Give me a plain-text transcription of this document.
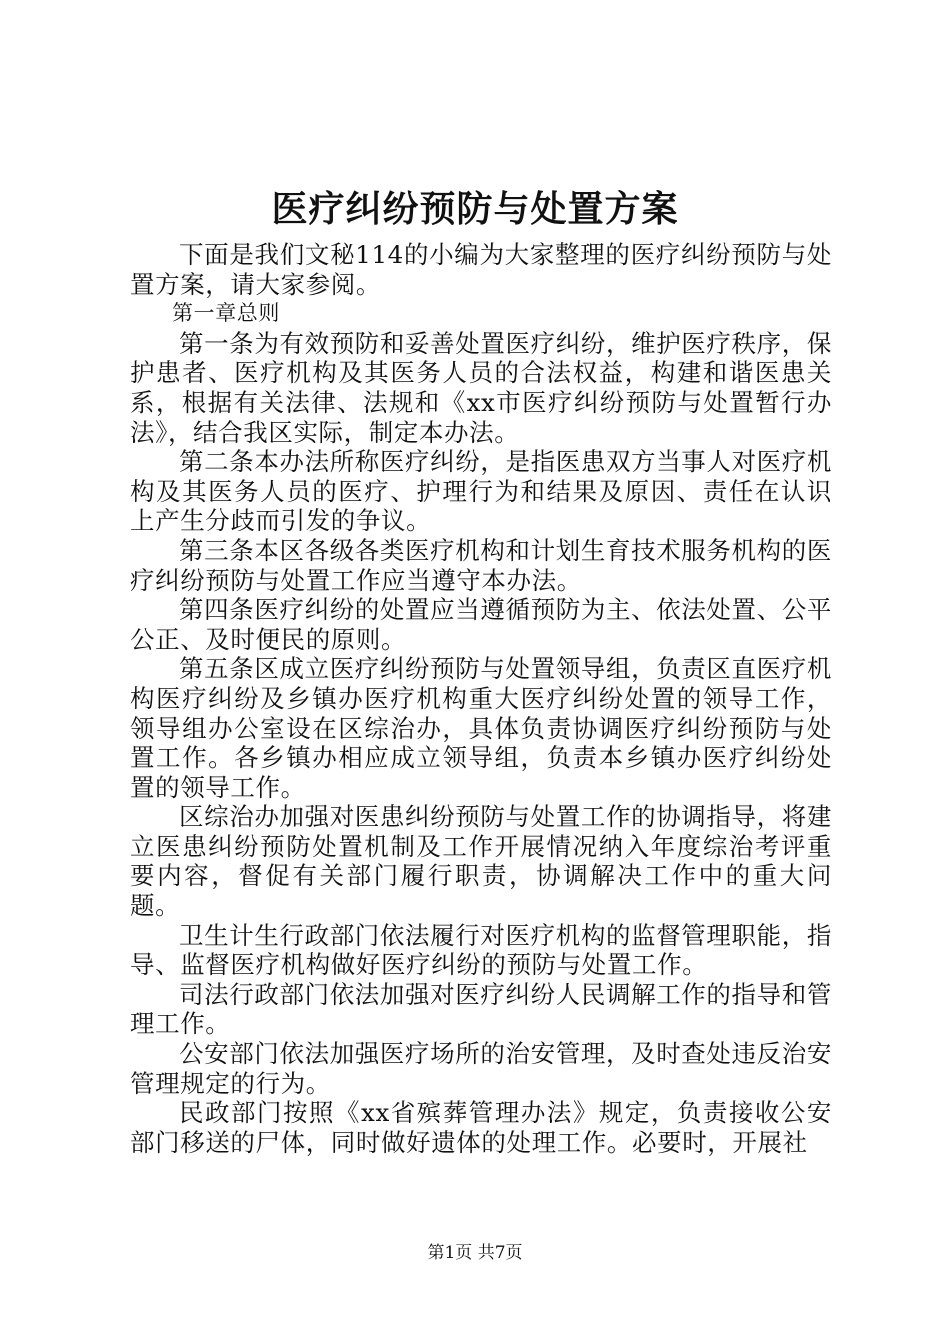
医疗纠纷预防与处置方案

下面是我们文秘114的小编为大家整理的医疗纠纷预防与处置方案，请大家参阅。

第一章总则

第一条为有效预防和妥善处置医疗纠纷，维护医疗秩序，保护患者、医疗机构及其医务人员的合法权益，构建和谐医患关系，根据有关法律、法规和《xx市医疗纠纷预防与处置暂行办法》，结合我区实际，制定本办法。

第二条本办法所称医疗纠纷，是指医患双方当事人对医疗机构及其医务人员的医疗、护理行为和结果及原因、责任在认识上产生分歧而引发的争议。

第三条本区各级各类医疗机构和计划生育技术服务机构的医疗纠纷预防与处置工作应当遵守本办法。

第四条医疗纠纷的处置应当遵循预防为主、依法处置、公平公正、及时便民的原则。

第五条区成立医疗纠纷预防与处置领导组，负责区直医疗机构医疗纠纷及乡镇办医疗机构重大医疗纠纷处置的领导工作，领导组办公室设在区综治办，具体负责协调医疗纠纷预防与处置工作。各乡镇办相应成立领导组，负责本乡镇办医疗纠纷处置的领导工作。

区综治办加强对医患纠纷预防与处置工作的协调指导，将建立医患纠纷预防处置机制及工作开展情况纳入年度综治考评重要内容，督促有关部门履行职责，协调解决工作中的重大问题。

卫生计生行政部门依法履行对医疗机构的监督管理职能，指导、监督医疗机构做好医疗纠纷的预防与处置工作。

司法行政部门依法加强对医疗纠纷人民调解工作的指导和管理工作。

公安部门依法加强医疗场所的治安管理，及时查处违反治安管理规定的行为。

民政部门按照《xx省殡葬管理办法》规定，负责接收公安部门移送的尸体，同时做好遗体的处理工作。必要时，开展社

第1页 共7页
